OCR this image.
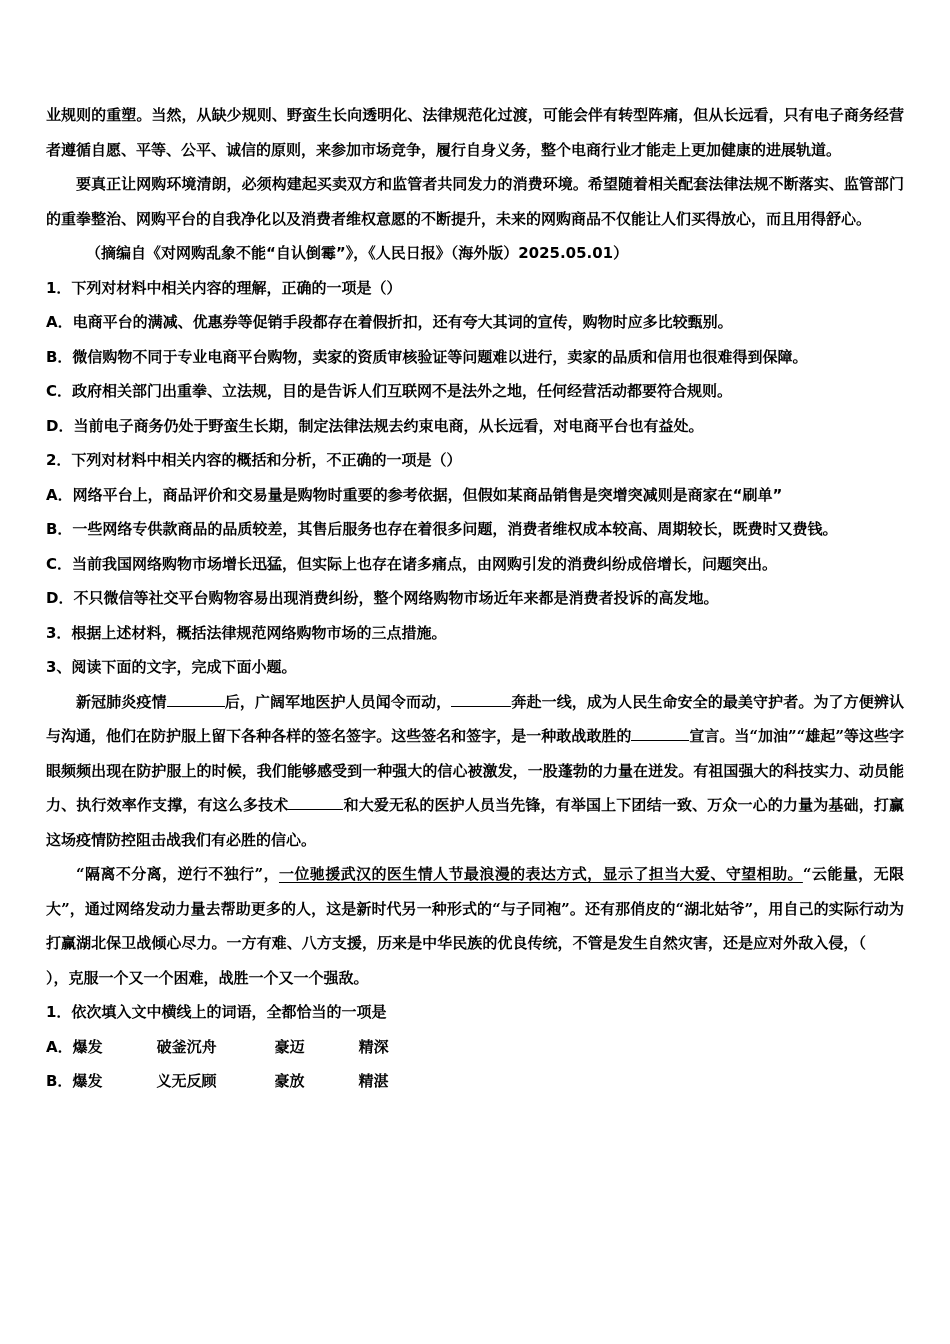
业规则的重塑。当然，从缺少规则、野蛮生长向透明化、法律规范化过渡，可能会伴有转型阵痛，但从长远看，只有电子商务经营者遵循自愿、平等、公平、诚信的原则，来参加市场竞争，履行自身义务，整个电商行业才能走上更加健康的进展轨道。

要真正让网购环境清朗，必须构建起买卖双方和监管者共同发力的消费环境。希望随着相关配套法律法规不断落实、监管部门的重拳整治、网购平台的自我净化以及消费者维权意愿的不断提升，未来的网购商品不仅能让人们买得放心，而且用得舒心。

（摘编自《对网购乱象不能“自认倒霉”》，《人民日报》（海外版）2025.05.01）

1．下列对材料中相关内容的理解，正确的一项是（）

A．电商平台的满减、优惠券等促销手段都存在着假折扣，还有夸大其词的宣传，购物时应多比较甄别。

B．微信购物不同于专业电商平台购物，卖家的资质审核验证等问题难以进行，卖家的品质和信用也很难得到保障。

C．政府相关部门出重拳、立法规，目的是告诉人们互联网不是法外之地，任何经营活动都要符合规则。

D．当前电子商务仍处于野蛮生长期，制定法律法规去约束电商，从长远看，对电商平台也有益处。

2．下列对材料中相关内容的概括和分析，不正确的一项是（）

A．网络平台上，商品评价和交易量是购物时重要的参考依据，但假如某商品销售是突增突减则是商家在“刷单”

B．一些网络专供款商品的品质较差，其售后服务也存在着很多问题，消费者维权成本较高、周期较长，既费时又费钱。

C．当前我国网络购物市场增长迅猛，但实际上也存在诸多痛点，由网购引发的消费纠纷成倍增长，问题突出。

D．不只微信等社交平台购物容易出现消费纠纷，整个网络购物市场近年来都是消费者投诉的高发地。

3．根据上述材料，概括法律规范网络购物市场的三点措施。

3、阅读下面的文字，完成下面小题。

新冠肺炎疫情	后，广阔军地医护人员闻令而动，	奔赴一线，成为人民生命安全的最美守护者。为了方便辨认与沟通，他们在防护服上留下各种各样的签名签字。这些签名和签字，是一种敢战敢胜的	宣言。当“加油”“雄起”等这些字眼频频出现在防护服上的时候，我们能够感受到一种强大的信心被激发，一股蓬勃的力量在迸发。有祖国强大的科技实力、动员能力、执行效率作支撑，有这么多技术	和大爱无私的医护人员当先锋，有举国上下团结一致、万众一心的力量为基础，打赢这场疫情防控阻击战我们有必胜的信心。

“隔离不分离，逆行不独行”，一位驰援武汉的医生情人节最浪漫的表达方式，显示了担当大爱、守望相助。“云能量，无限大”，通过网络发动力量去帮助更多的人，这是新时代另一种形式的“与子同袍”。还有那俏皮的“湖北姑爷”，用自己的实际行动为打赢湖北保卫战倾心尽力。一方有难、八方支援，历来是中华民族的优良传统，不管是发生自然灾害，还是应对外敌入侵，（），克服一个又一个困难，战胜一个又一个强敌。

1．依次填入文中横线上的词语，全都恰当的一项是

A．爆发	破釜沉舟	豪迈	精深

B．爆发	义无反顾	豪放	精湛
